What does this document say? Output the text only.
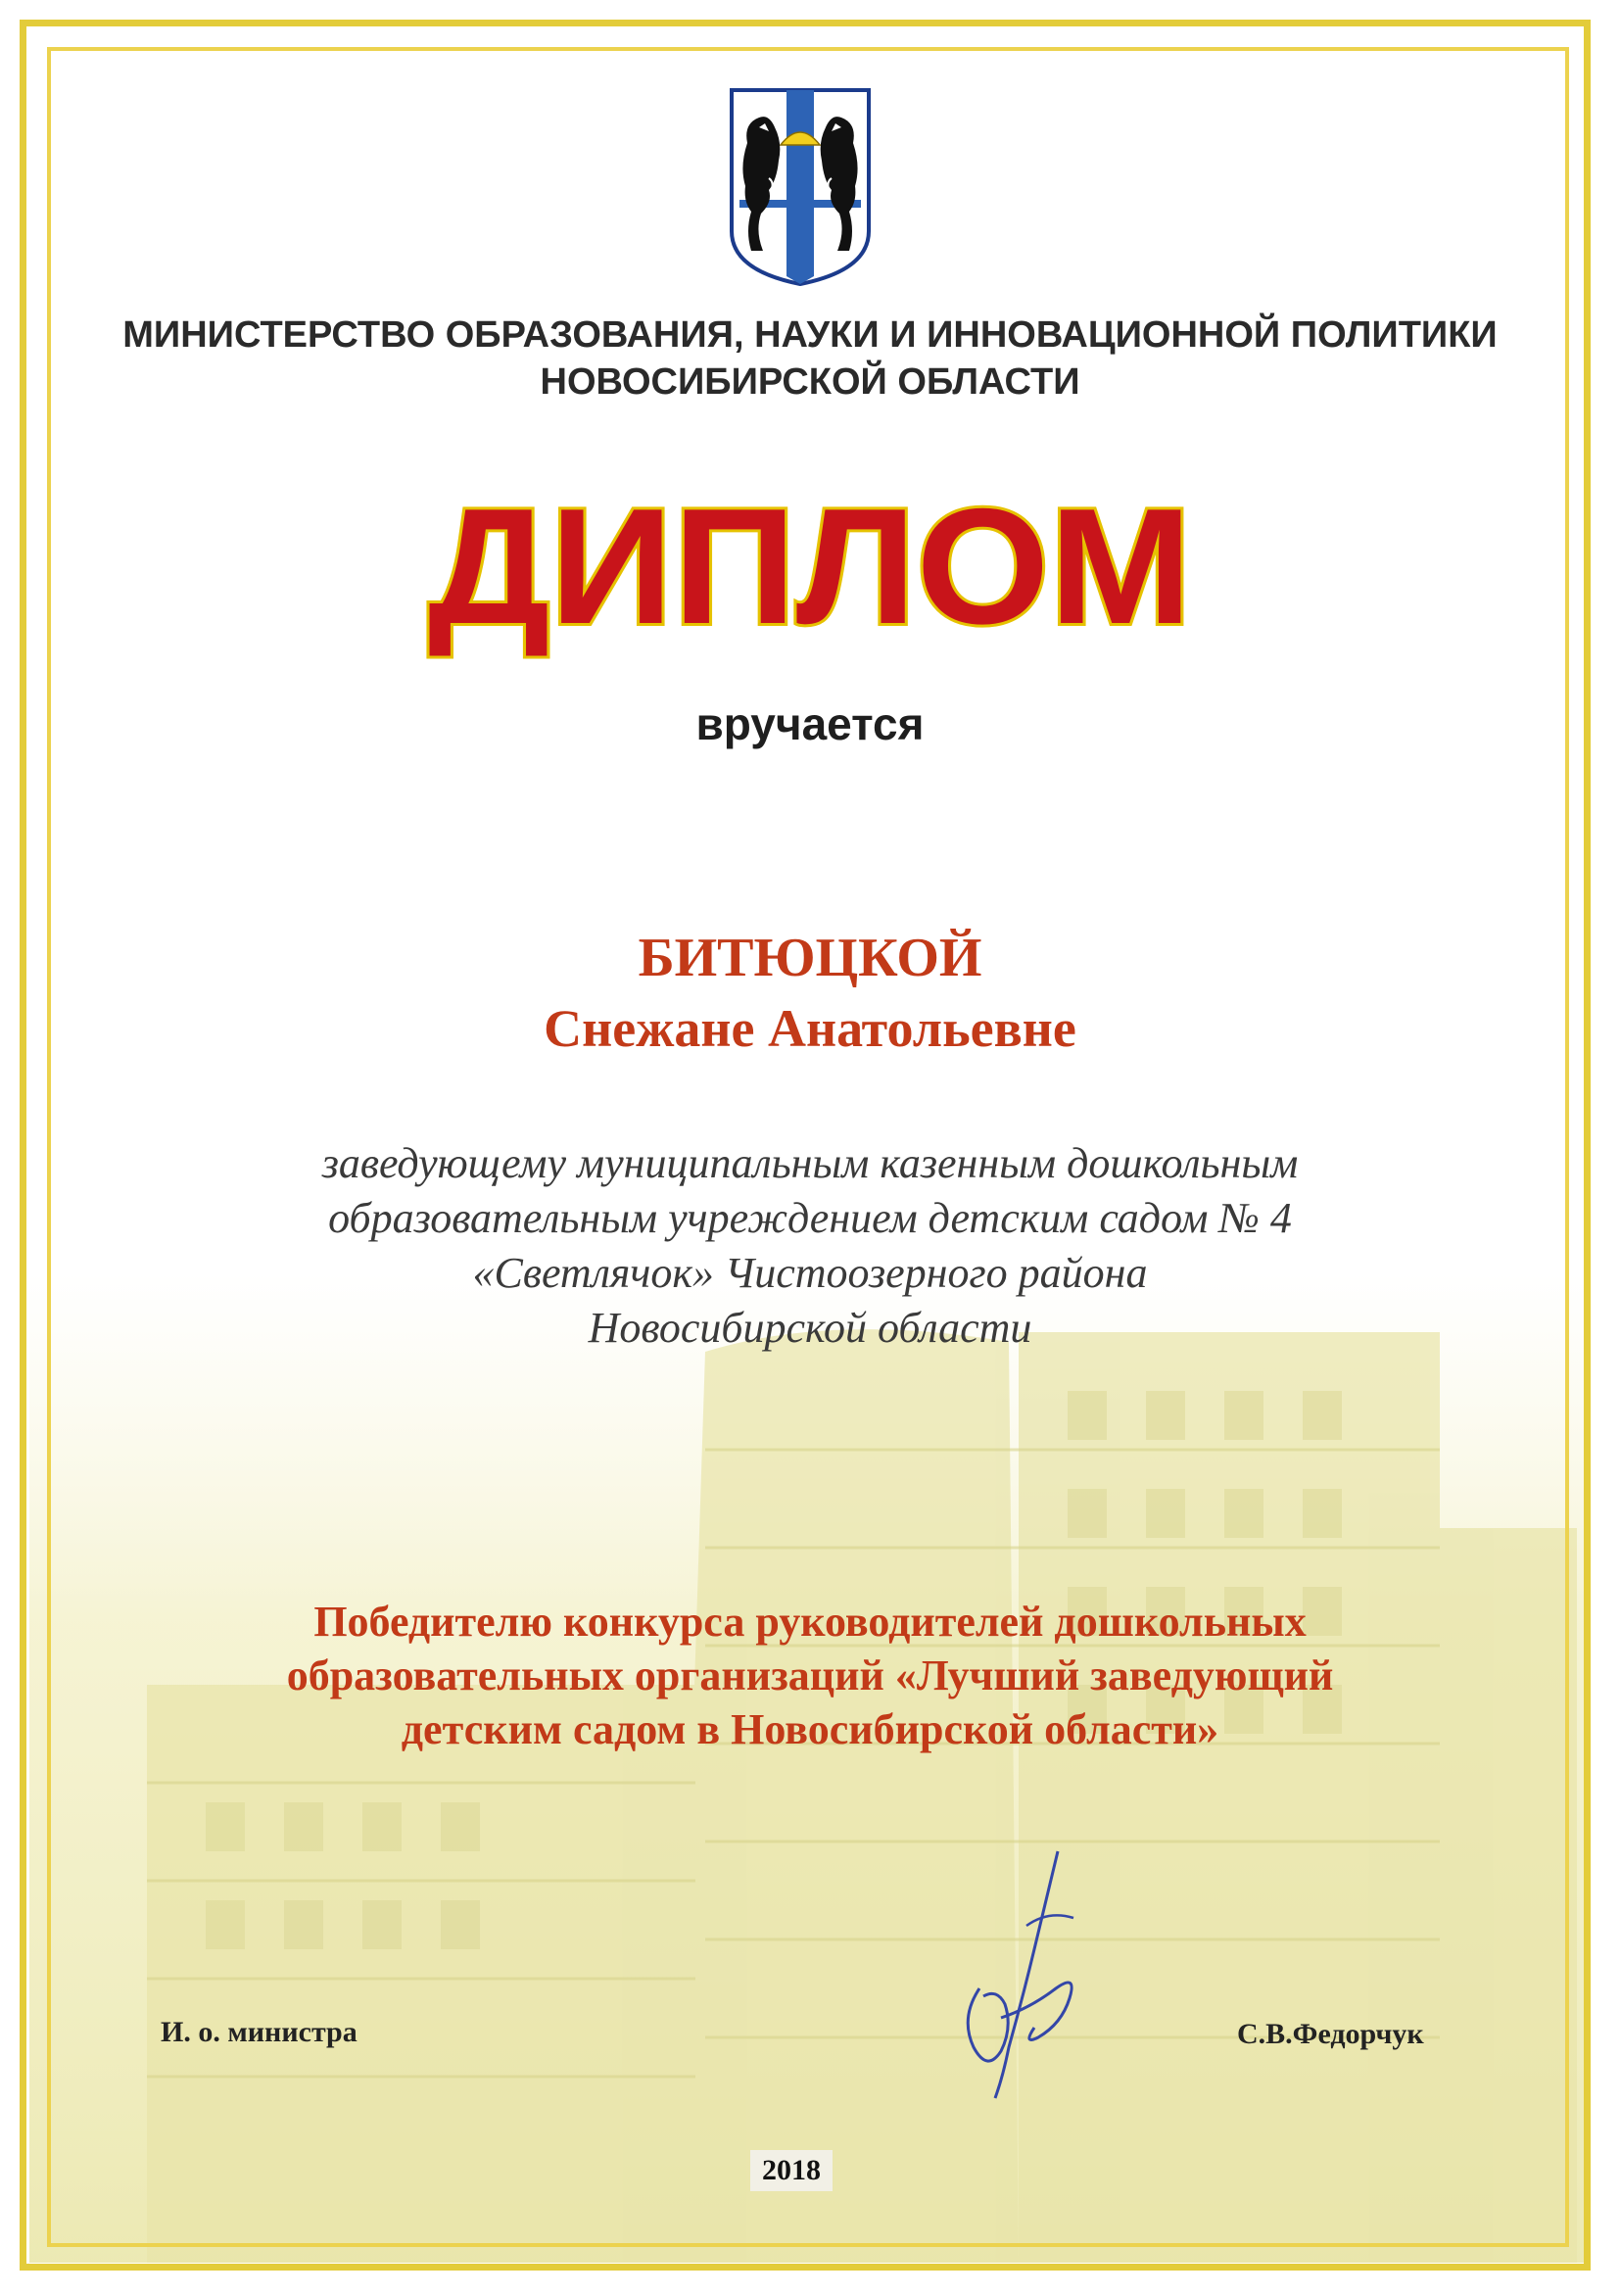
МИНИСТЕРСТВО ОБРАЗОВАНИЯ, НАУКИ И ИННОВАЦИОННОЙ ПОЛИТИКИ
НОВОСИБИРСКОЙ ОБЛАСТИ
ДИПЛОМ
вручается
БИТЮЦКОЙ
Снежане Анатольевне
заведующему муниципальным казенным дошкольным
образовательным учреждением детским садом № 4
«Светлячок» Чистоозерного района
Новосибирской области
Победителю конкурса руководителей дошкольных
образовательных организаций «Лучший заведующий
детским садом в Новосибирской области»
И. о. министра	С.В.Федорчук
2018
